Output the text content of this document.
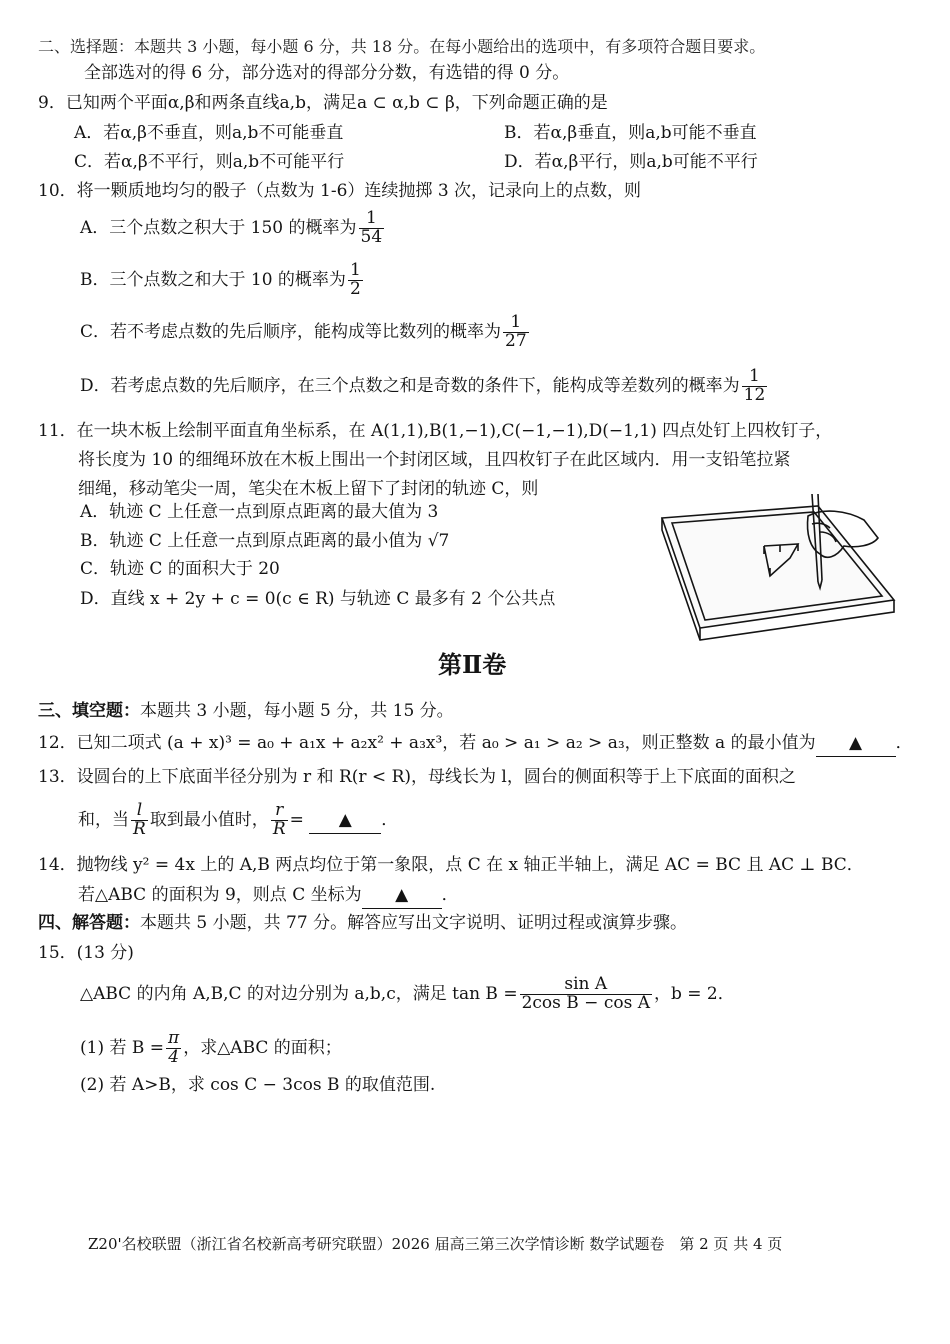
二、选择题：本题共 3 小题，每小题 6 分，共 18 分。在每小题给出的选项中，有多项符合题目要求。
全部选对的得 6 分，部分选对的得部分分数，有选错的得 0 分。
9．已知两个平面α,β和两条直线a,b，满足a ⊂ α,b ⊂ β，下列命题正确的是
A．若α,β不垂直，则a,b不可能垂直	B．若α,β垂直，则a,b可能不垂直
C．若α,β不平行，则a,b不可能平行	D．若α,β平行，则a,b可能不平行
10．将一颗质地均匀的骰子（点数为 1-6）连续抛掷 3 次，记录向上的点数，则
A．三个点数之积大于 150 的概率为 $\frac{1}{54}$
B．三个点数之和大于 10 的概率为 $\frac{1}{2}$
C．若不考虑点数的先后顺序，能构成等比数列的概率为 $\frac{1}{27}$
D．若考虑点数的先后顺序，在三个点数之和是奇数的条件下，能构成等差数列的概率为 $\frac{1}{12}$
11．在一块木板上绘制平面直角坐标系，在 A(1,1),B(1,−1),C(−1,−1),D(−1,1) 四点处钉上四枚钉子，
将长度为 10 的细绳环放在木板上围出一个封闭区域，且四枚钉子在此区域内．用一支铅笔拉紧
细绳，移动笔尖一周，笔尖在木板上留下了封闭的轨迹 C，则
A．轨迹 C 上任意一点到原点距离的最大值为 3
B．轨迹 C 上任意一点到原点距离的最小值为 √7
C．轨迹 C 的面积大于 20
D．直线 x + 2y + c = 0(c ∈ R) 与轨迹 C 最多有 2 个公共点
第Ⅱ卷
三、填空题：本题共 3 小题，每小题 5 分，共 15 分。
12．已知二项式 (a + x)³ = a₀ + a₁x + a₂x² + a₃x³，若 a₀ > a₁ > a₂ > a₃，则正整数 a 的最小值为 ▲ ．
13．设圆台的上下底面半径分别为 r 和 R(r < R)，母线长为 l，圆台的侧面积等于上下底面的面积之
和，当 $\frac{l}{R}$ 取到最小值时， $\frac{r}{R}$ = ▲ ．
14．抛物线 y² = 4x 上的 A,B 两点均位于第一象限，点 C 在 x 轴正半轴上，满足 AC = BC 且 AC ⊥ BC．
若△ABC 的面积为 9，则点 C 坐标为 ▲ ．
四、解答题：本题共 5 小题，共 77 分。解答应写出文字说明、证明过程或演算步骤。
15．(13 分)
△ABC 的内角 A,B,C 的对边分别为 a,b,c，满足 $\tan B = \frac{\text{sin A}}{\text{2cos B − cos A}}$ ，b = 2．
(1) 若 $B = \frac{\pi}{4}$ ，求△ABC 的面积；
(2) 若 A>B，求 cos C − 3cos B 的取值范围.
Z20'名校联盟（浙江省名校新高考研究联盟）2026 届高三第三次学情诊断 数学试题卷　第 2 页 共 4 页
